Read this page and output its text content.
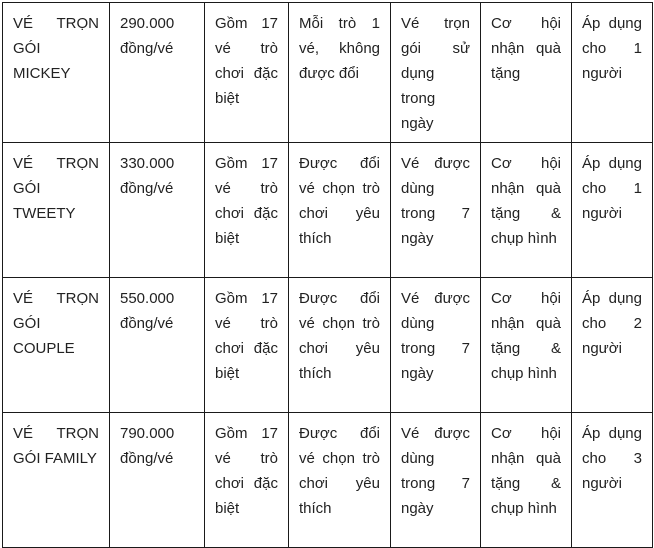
VÉ TRỌN GÓI MICKEY	290.000 đồng/vé	Gồm 17 vé trò chơi đặc biệt	Mỗi trò 1 vé, không được đổi	Vé trọn gói sử dụng trong ngày	Cơ hội nhận quà tặng	Áp dụng cho 1 người
VÉ TRỌN GÓI TWEETY	330.000 đồng/vé	Gồm 17 vé trò chơi đặc biệt	Được đổi vé chọn trò chơi yêu thích	Vé được dùng trong 7 ngày	Cơ hội nhận quà tặng & chụp hình	Áp dụng cho 1 người
VÉ TRỌN GÓI COUPLE	550.000 đồng/vé	Gồm 17 vé trò chơi đặc biệt	Được đổi vé chọn trò chơi yêu thích	Vé được dùng trong 7 ngày	Cơ hội nhận quà tặng & chụp hình	Áp dụng cho 2 người
VÉ TRỌN GÓI FAMILY	790.000 đồng/vé	Gồm 17 vé trò chơi đặc biệt	Được đổi vé chọn trò chơi yêu thích	Vé được dùng trong 7 ngày	Cơ hội nhận quà tặng & chụp hình	Áp dụng cho 3 người
